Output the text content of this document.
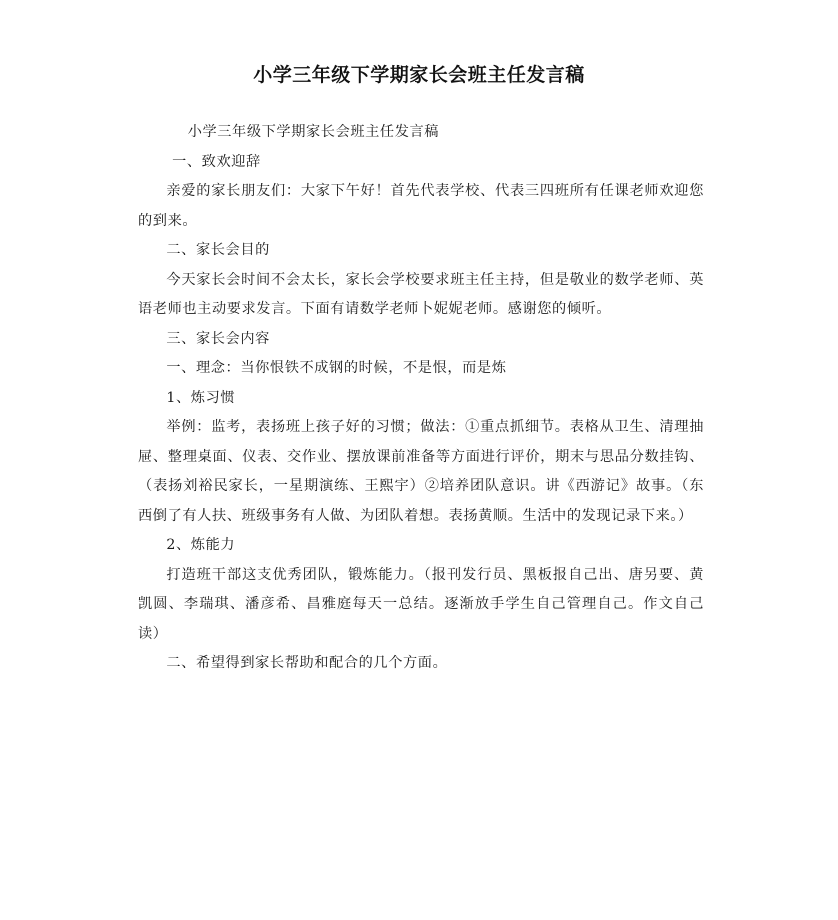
小学三年级下学期家长会班主任发言稿

小学三年级下学期家长会班主任发言稿

一、致欢迎辞

亲爱的家长朋友们：大家下午好！首先代表学校、代表三四班所有任课老师欢迎您的到来。

二、家长会目的

今天家长会时间不会太长，家长会学校要求班主任主持，但是敬业的数学老师、英语老师也主动要求发言。下面有请数学老师卜妮妮老师。感谢您的倾听。

三、家长会内容

一、理念：当你恨铁不成钢的时候，不是恨，而是炼

1、炼习惯

举例：监考，表扬班上孩子好的习惯；做法：①重点抓细节。表格从卫生、清理抽屉、整理桌面、仪表、交作业、摆放课前准备等方面进行评价，期末与思品分数挂钩、（表扬刘裕民家长，一星期演练、王熙宇）②培养团队意识。讲《西游记》故事。（东西倒了有人扶、班级事务有人做、为团队着想。表扬黄顺。生活中的发现记录下来。）

2、炼能力

打造班干部这支优秀团队，锻炼能力。（报刊发行员、黑板报自己出、唐另要、黄凯圆、李瑞琪、潘彦希、昌雅庭每天一总结。逐渐放手学生自己管理自己。作文自己读）

二、希望得到家长帮助和配合的几个方面。
